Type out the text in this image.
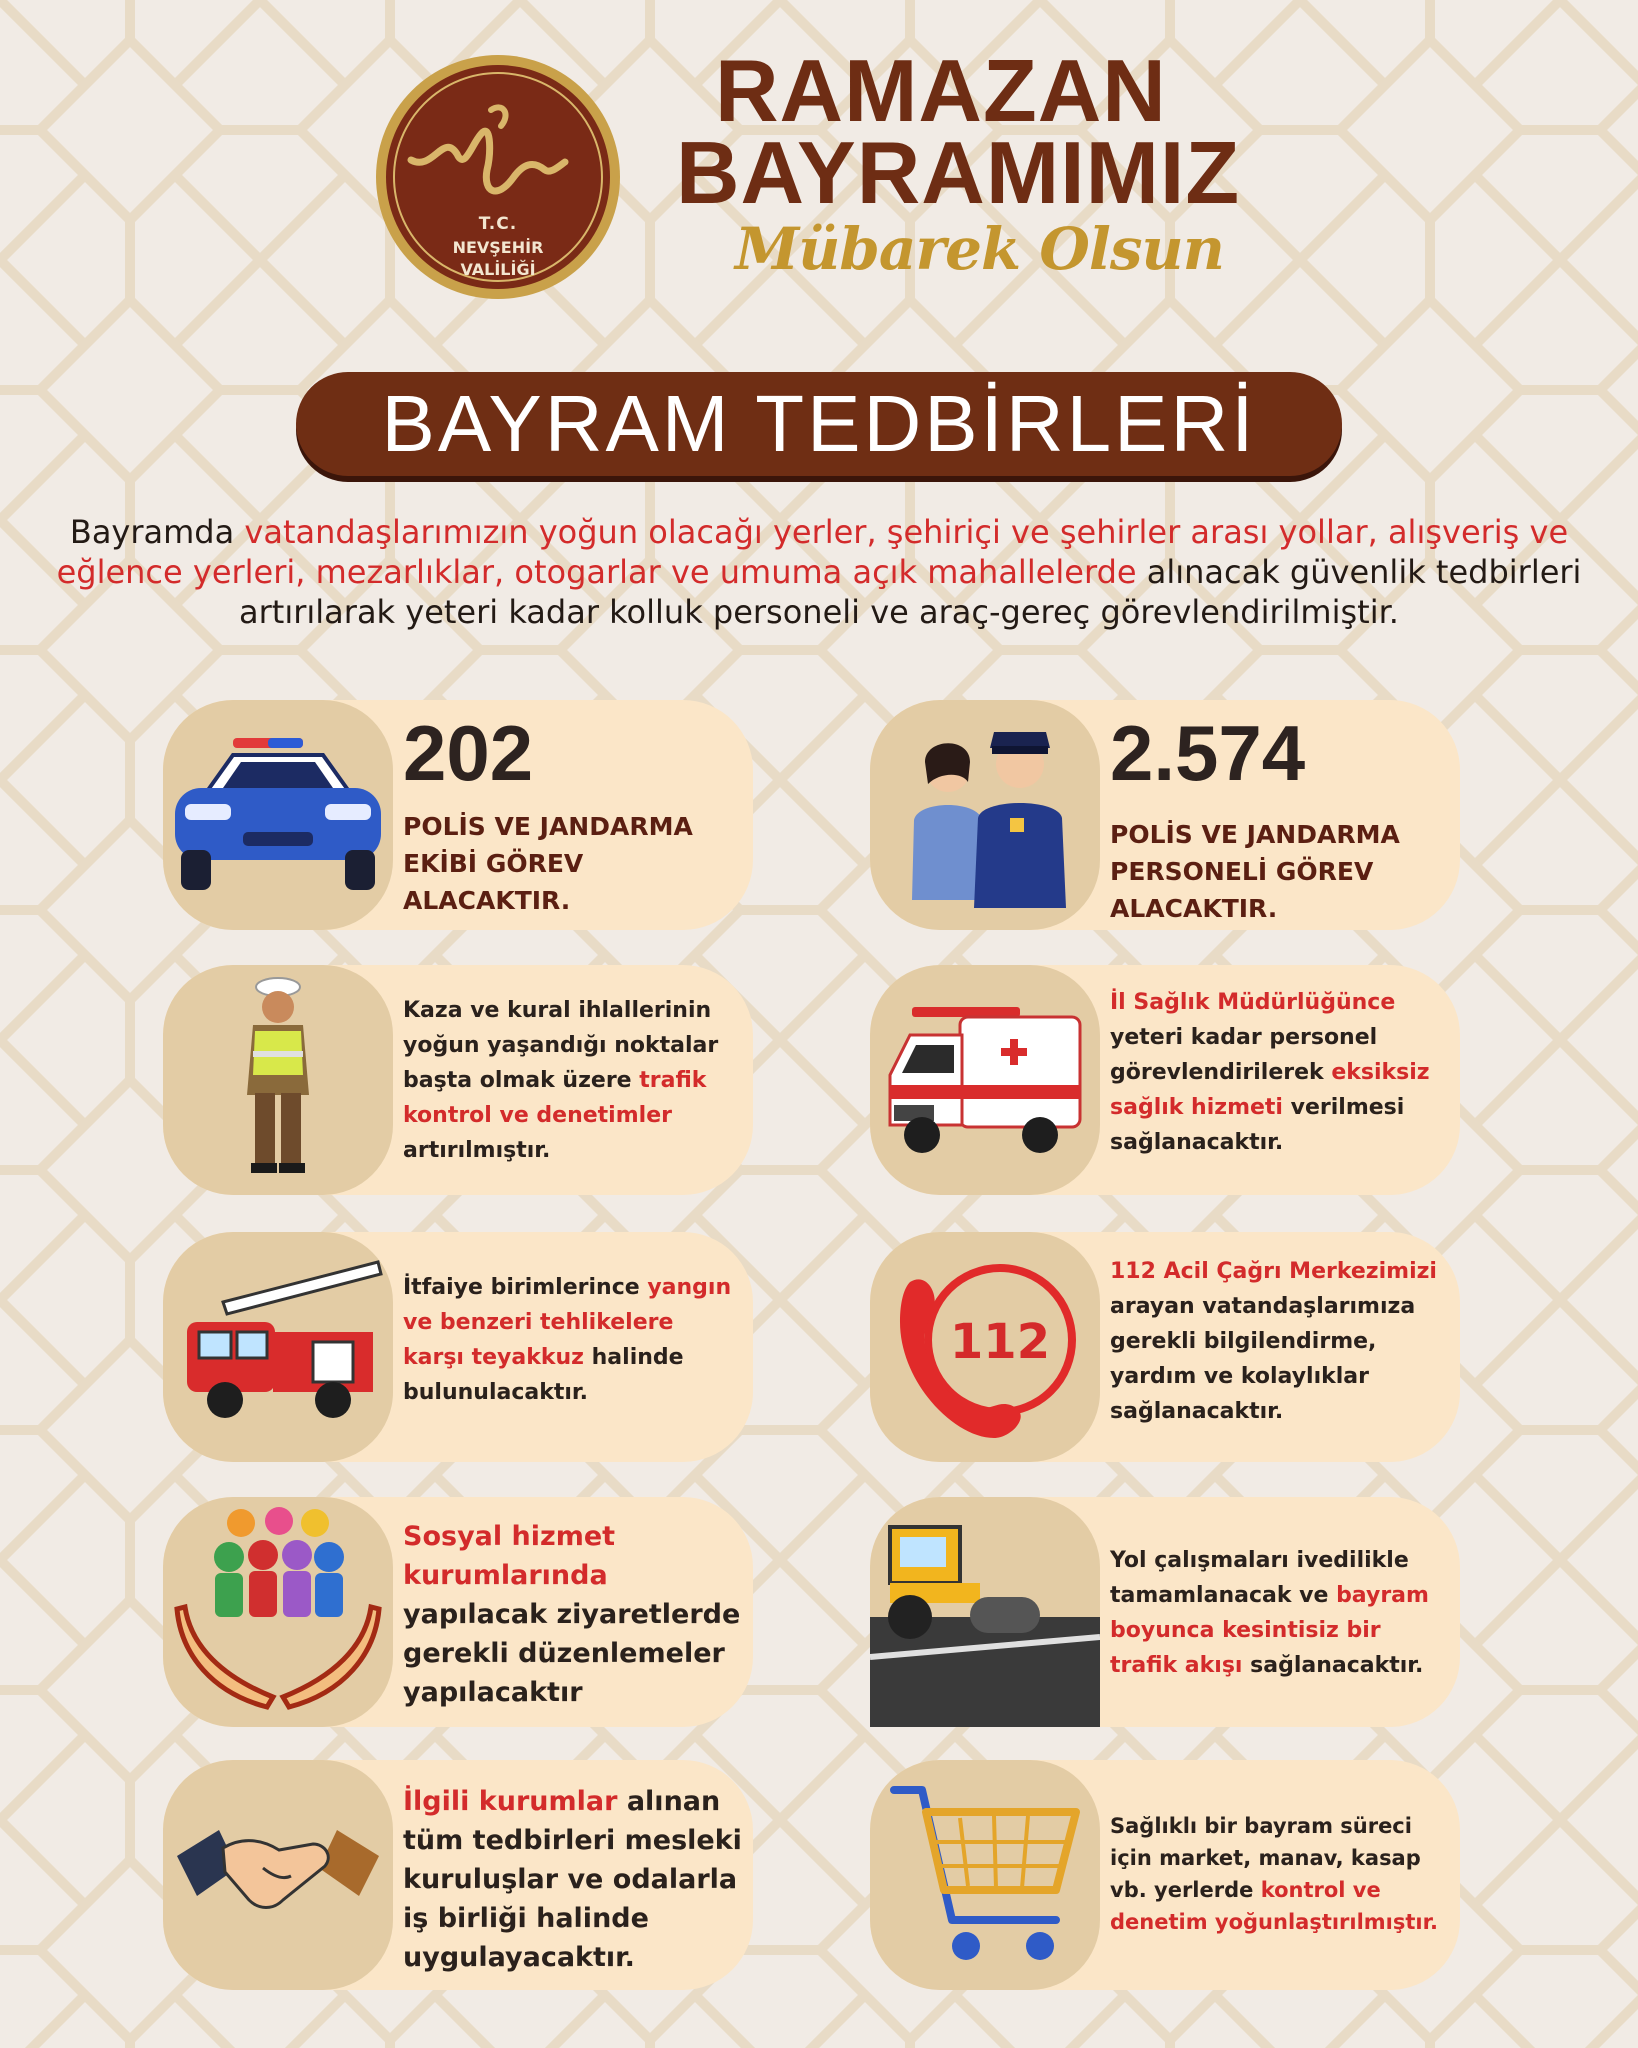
T.C.
NEVŞEHİR
VALİLİĞİ
RAMAZAN
BAYRAMIMIZ
Mübarek Olsun
BAYRAM TEDBİRLERİ
Bayramda vatandaşlarımızın yoğun olacağı yerler, şehiriçi ve şehirler arası yollar, alışveriş ve eğlence yerleri, mezarlıklar, otogarlar ve umuma açık mahallelerde alınacak güvenlik tedbirleri artırılarak yeteri kadar kolluk personeli ve araç-gereç görevlendirilmiştir.
202
POLİS VE JANDARMA
EKİBİ GÖREV
ALACAKTIR.
2.574
POLİS VE JANDARMA
PERSONELİ GÖREV
ALACAKTIR.
Kaza ve kural ihlallerinin
yoğun yaşandığı noktalar
başta olmak üzere trafik
kontrol ve denetimler
artırılmıştır.
İl Sağlık Müdürlüğünce
yeteri kadar personel
görevlendirilerek eksiksiz
sağlık hizmeti verilmesi
sağlanacaktır.
İtfaiye birimlerince yangın
ve benzeri tehlikelere
karşı teyakkuz halinde
bulunulacaktır.
112
112 Acil Çağrı Merkezimizi
arayan vatandaşlarımıza
gerekli bilgilendirme,
yardım ve kolaylıklar
sağlanacaktır.
Sosyal hizmet
kurumlarında
yapılacak ziyaretlerde
gerekli düzenlemeler
yapılacaktır
Yol çalışmaları ivedilikle
tamamlanacak ve bayram
boyunca kesintisiz bir
trafik akışı sağlanacaktır.
İlgili kurumlar alınan
tüm tedbirleri mesleki
kuruluşlar ve odalarla
iş birliği halinde
uygulayacaktır.
Sağlıklı bir bayram süreci
için market, manav, kasap
vb. yerlerde kontrol ve
denetim yoğunlaştırılmıştır.
